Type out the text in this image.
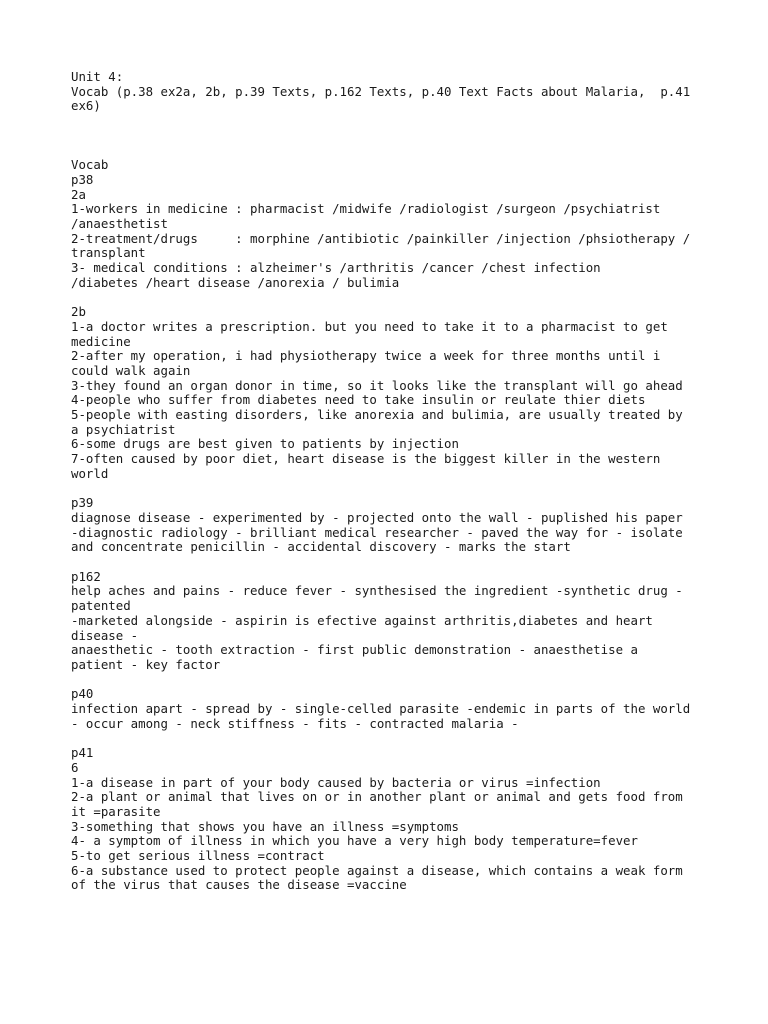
Unit 4:
Vocab (p.38 ex2a, 2b, p.39 Texts, p.162 Texts, p.40 Text Facts about Malaria,  p.41
ex6)
Vocab
p38
2a
1-workers in medicine : pharmacist /midwife /radiologist /surgeon /psychiatrist
/anaesthetist
2-treatment/drugs     : morphine /antibiotic /painkiller /injection /phsiotherapy /
transplant
3- medical conditions : alzheimer's /arthritis /cancer /chest infection
/diabetes /heart disease /anorexia / bulimia
2b
1-a doctor writes a prescription. but you need to take it to a pharmacist to get
medicine
2-after my operation, i had physiotherapy twice a week for three months until i
could walk again
3-they found an organ donor in time, so it looks like the transplant will go ahead
4-people who suffer from diabetes need to take insulin or reulate thier diets
5-people with easting disorders, like anorexia and bulimia, are usually treated by
a psychiatrist
6-some drugs are best given to patients by injection
7-often caused by poor diet, heart disease is the biggest killer in the western
world
p39
diagnose disease - experimented by - projected onto the wall - puplished his paper
-diagnostic radiology - brilliant medical researcher - paved the way for - isolate
and concentrate penicillin - accidental discovery - marks the start
p162
help aches and pains - reduce fever - synthesised the ingredient -synthetic drug -
patented
-marketed alongside - aspirin is efective against arthritis,diabetes and heart
disease -
anaesthetic - tooth extraction - first public demonstration - anaesthetise a
patient - key factor
p40
infection apart - spread by - single-celled parasite -endemic in parts of the world
- occur among - neck stiffness - fits - contracted malaria -
p41
6
1-a disease in part of your body caused by bacteria or virus =infection
2-a plant or animal that lives on or in another plant or animal and gets food from
it =parasite
3-something that shows you have an illness =symptoms
4- a symptom of illness in which you have a very high body temperature=fever
5-to get serious illness =contract
6-a substance used to protect people against a disease, which contains a weak form
of the virus that causes the disease =vaccine
